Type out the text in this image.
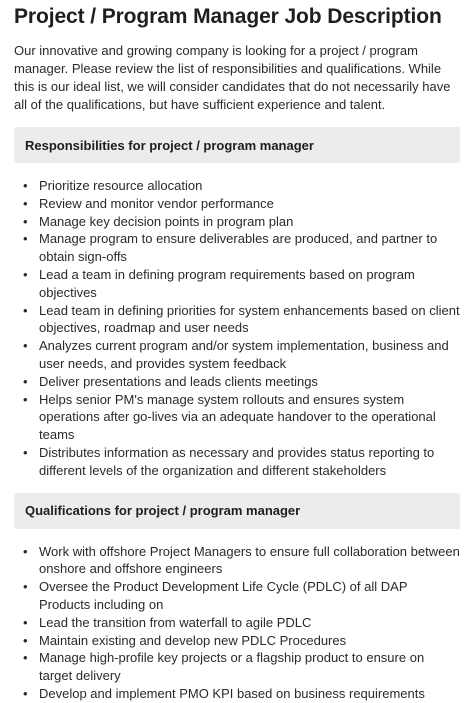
Project / Program Manager Job Description

Our innovative and growing company is looking for a project / program manager. Please review the list of responsibilities and qualifications. While this is our ideal list, we will consider candidates that do not necessarily have all of the qualifications, but have sufficient experience and talent.

Responsibilities for project / program manager
• Prioritize resource allocation
• Review and monitor vendor performance
• Manage key decision points in program plan
• Manage program to ensure deliverables are produced, and partner to obtain sign-offs
• Lead a team in defining program requirements based on program objectives
• Lead team in defining priorities for system enhancements based on client objectives, roadmap and user needs
• Analyzes current program and/or system implementation, business and user needs, and provides system feedback
• Deliver presentations and leads clients meetings
• Helps senior PM's manage system rollouts and ensures system operations after go-lives via an adequate handover to the operational teams
• Distributes information as necessary and provides status reporting to different levels of the organization and different stakeholders
Qualifications for project / program manager
• Work with offshore Project Managers to ensure full collaboration between onshore and offshore engineers
• Oversee the Product Development Life Cycle (PDLC) of all DAP Products including on
• Lead the transition from waterfall to agile PDLC
• Maintain existing and develop new PDLC Procedures
• Manage high-profile key projects or a flagship product to ensure on target delivery
• Develop and implement PMO KPI based on business requirements
